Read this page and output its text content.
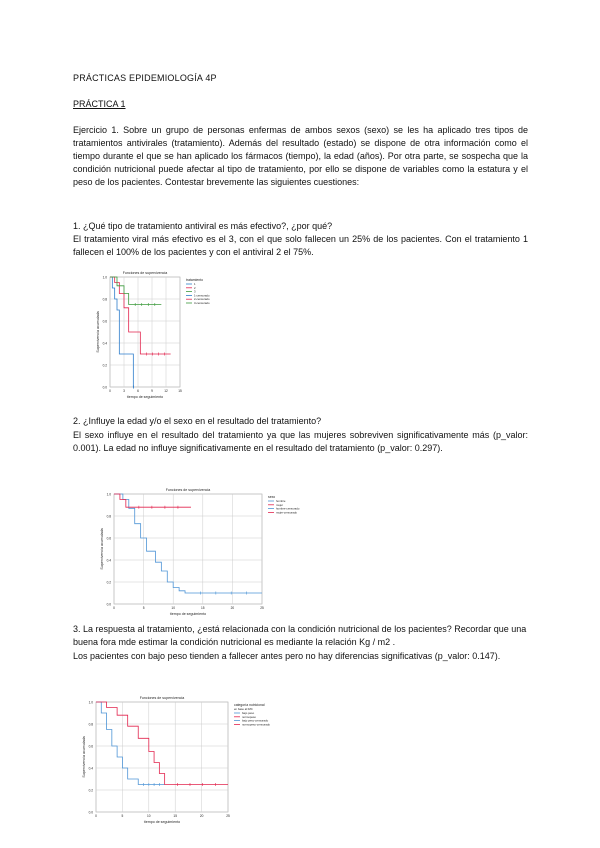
PRÁCTICAS EPIDEMIOLOGÍA 4P
PRÁCTICA 1
Ejercicio 1. Sobre un grupo de personas enfermas de ambos sexos (sexo) se les ha aplicado tres tipos de tratamientos antivirales (tratamiento). Además del resultado (estado) se dispone de otra información como el tiempo durante el que se han aplicado los fármacos (tiempo), la edad (años). Por otra parte, se sospecha que la condición nutricional puede afectar al tipo de tratamiento, por ello se dispone de variables como la estatura y el peso de los pacientes. Contestar brevemente las siguientes cuestiones:
1. ¿Qué tipo de tratamiento antiviral es más efectivo?, ¿por qué?
El tratamiento viral más efectivo es el 3, con el que solo fallecen un 25% de los pacientes. Con el tratamiento 1 fallecen el 100% de los pacientes y con el antiviral 2 el 75%.
0.0
0.2
0.4
0.6
0.8
1.0
0	3	6	9	12	15
Funciones de supervivencia
tiempo de seguimiento
Supervivencia acumulada
tratamiento
1
2
3
1-censurado
2-censurado
3-censurado
2. ¿Influye la edad y/o el sexo en el resultado del tratamiento?
El sexo influye en el resultado del tratamiento ya que las mujeres sobreviven significativamente más (p_valor: 0.001). La edad no influye significativamente en el resultado del tratamiento (p_valor: 0.297).
0.0
0.2
0.4
0.6
0.8
1.0
0	5	10	15	20	25
Funciones de supervivencia
tiempo de seguimiento
Supervivencia acumulada
sexo
hombre
mujer
hombre-censurado
mujer-censurado
3. La respuesta al tratamiento, ¿está relacionada con la condición nutricional de los pacientes? Recordar que una buena fora mde estimar la condición nutricional es mediante la relación Kg / m2 .
Los pacientes con bajo peso tienden a fallecer antes pero no hay diferencias significativas (p_valor: 0.147).
0.0
0.2
0.4
0.6
0.8
1.0
0	5	10	15	20	25
Funciones de supervivencia
tiempo de seguimiento
Supervivencia acumulada
categoría nutricional
en base al IMC
bajo peso
normopeso
bajo peso-censurado
normopeso-censurado
